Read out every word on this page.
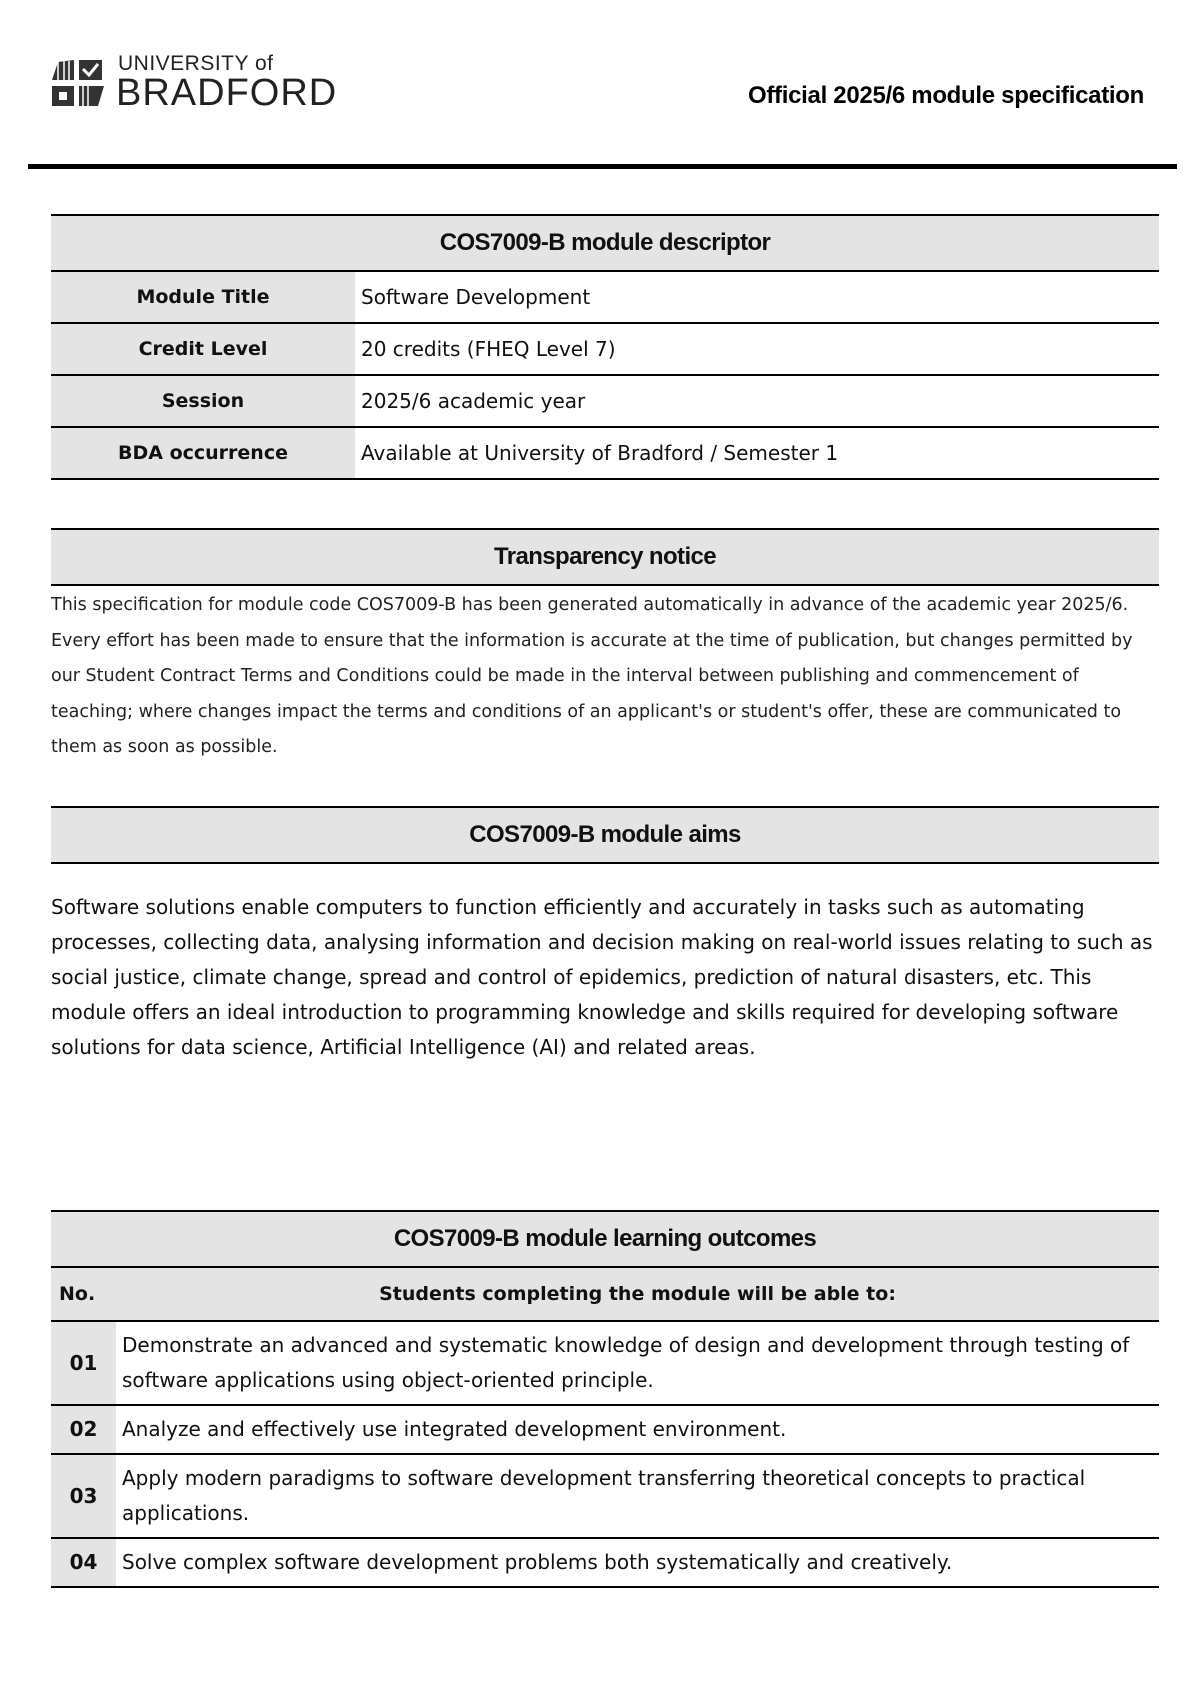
UNIVERSITY of
BRADFORD	Official 2025/6 module specification
COS7009-B module descriptor
Module Title	Software Development
Credit Level	20 credits (FHEQ Level 7)
Session	2025/6 academic year
BDA occurrence	Available at University of Bradford / Semester 1
Transparency notice
This specification for module code COS7009-B has been generated automatically in advance of the academic year 2025/6. Every effort has been made to ensure that the information is accurate at the time of publication, but changes permitted by our Student Contract Terms and Conditions could be made in the interval between publishing and commencement of teaching; where changes impact the terms and conditions of an applicant's or student's offer, these are communicated to them as soon as possible.
COS7009-B module aims
Software solutions enable computers to function efficiently and accurately in tasks such as automating processes, collecting data, analysing information and decision making on real-world issues relating to such as social justice, climate change, spread and control of epidemics, prediction of natural disasters, etc. This module offers an ideal introduction to programming knowledge and skills required for developing software solutions for data science, Artificial Intelligence (AI) and related areas.
COS7009-B module learning outcomes
No.	Students completing the module will be able to:
01	Demonstrate an advanced and systematic knowledge of design and development through testing of software applications using object-oriented principle.
02	Analyze and effectively use integrated development environment.
03	Apply modern paradigms to software development transferring theoretical concepts to practical applications.
04	Solve complex software development problems both systematically and creatively.
